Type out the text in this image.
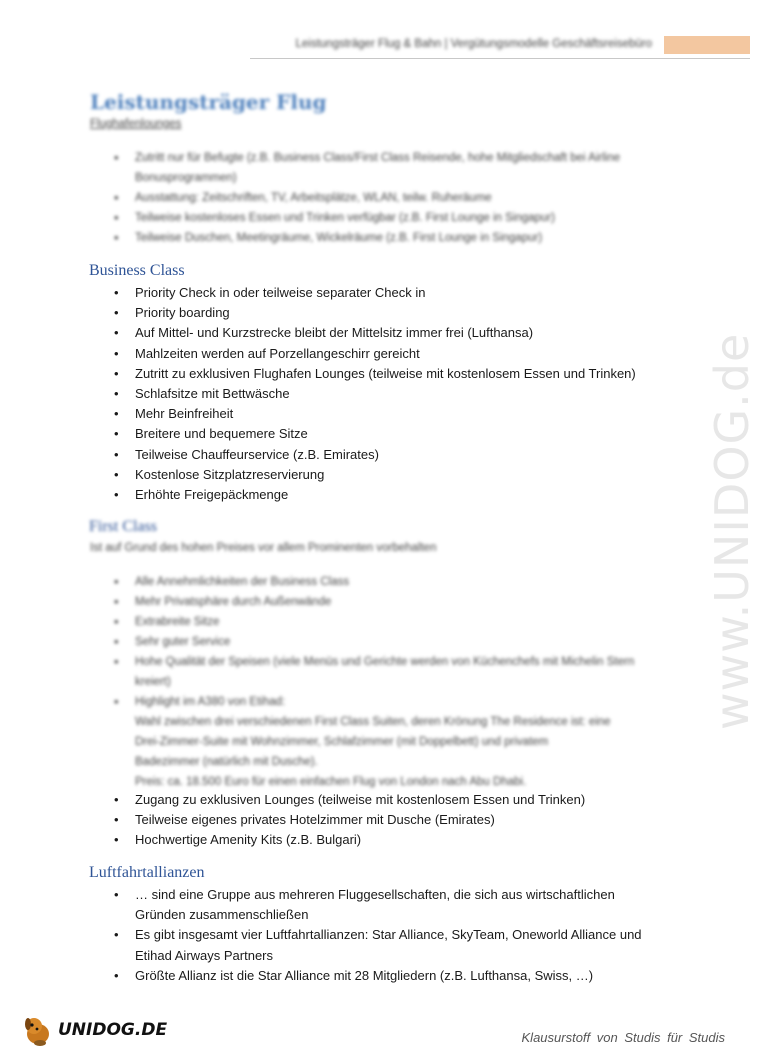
Leistungsträger Flug & Bahn | Vergütungsmodelle Geschäftsreisebüro
www.UNIDOG.de
Leistungsträger Flug
Flughafenlounges
• Zutritt nur für Befugte (z.B. Business Class/First Class Reisende, hohe Mitgliedschaft bei Airline Bonusprogrammen)
• Ausstattung: Zeitschriften, TV, Arbeitsplätze, WLAN, teilw. Ruheräume
• Teilweise kostenloses Essen und Trinken verfügbar (z.B. First Lounge in Singapur)
• Teilweise Duschen, Meetingräume, Wickelräume (z.B. First Lounge in Singapur)
Business Class
• Priority Check in oder teilweise separater Check in
• Priority boarding
• Auf Mittel- und Kurzstrecke bleibt der Mittelsitz immer frei (Lufthansa)
• Mahlzeiten werden auf Porzellangeschirr gereicht
• Zutritt zu exklusiven Flughafen Lounges (teilweise mit kostenlosem Essen und Trinken)
• Schlafsitze mit Bettwäsche
• Mehr Beinfreiheit
• Breitere und bequemere Sitze
• Teilweise Chauffeurservice (z.B. Emirates)
• Kostenlose Sitzplatzreservierung
• Erhöhte Freigepäckmenge
First Class
Ist auf Grund des hohen Preises vor allem Prominenten vorbehalten
• Alle Annehmlichkeiten der Business Class
• Mehr Privatsphäre durch Außenwände
• Extrabreite Sitze
• Sehr guter Service
• Hohe Qualität der Speisen (viele Menüs und Gerichte werden von Küchenchefs mit Michelin Stern kreiert)
• Highlight im A380 von Etihad:
Wahl zwischen drei verschiedenen First Class Suiten, deren Krönung The Residence ist: eine
Drei-Zimmer-Suite mit Wohnzimmer, Schlafzimmer (mit Doppelbett) und privatem
Badezimmer (natürlich mit Dusche).
Preis: ca. 18.500 Euro für einen einfachen Flug von London nach Abu Dhabi.
• Zugang zu exklusiven Lounges (teilweise mit kostenlosem Essen und Trinken)
• Teilweise eigenes privates Hotelzimmer mit Dusche (Emirates)
• Hochwertige Amenity Kits (z.B. Bulgari)
Luftfahrtallianzen
• … sind eine Gruppe aus mehreren Fluggesellschaften, die sich aus wirtschaftlichen Gründen zusammenschließen
• Es gibt insgesamt vier Luftfahrtallianzen: Star Alliance, SkyTeam, Oneworld Alliance und Etihad Airways Partners
• Größte Allianz ist die Star Alliance mit 28 Mitgliedern (z.B. Lufthansa, Swiss, …)
UNIDOG.DE	Klausurstoff von Studis für Studis
